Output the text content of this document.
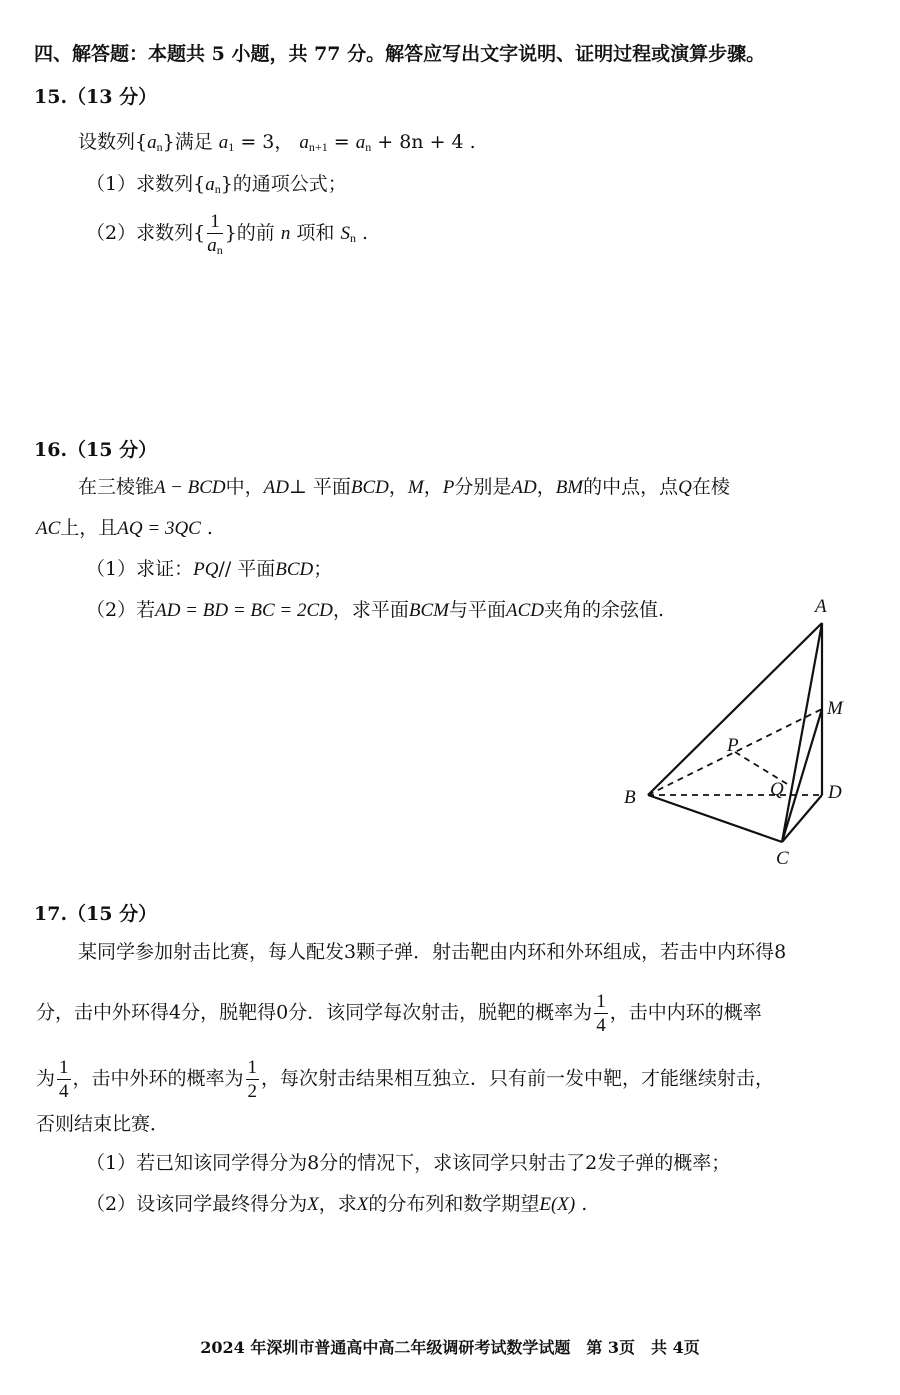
四、解答题：本题共 5 小题，共 77 分。解答应写出文字说明、证明过程或演算步骤。
15.（13 分）
设数列$\{a_n\}$满足 $a_1 = 3$， $a_{n+1} = a_n + 8n + 4$ .
（1）求数列$\{a_n\}$的通项公式；
（2）求数列{ $\frac{1}{a_n}$ }的前 n 项和 $S_n$ .
16.（15 分）
在三棱锥A − BCD中，AD⊥ 平面BCD，M，P分别是AD，BM的中点，点Q在棱
AC上，且AQ = 3QC .
（1）求证：PQ// 平面BCD；
（2）若AD = BD = BC = 2CD，求平面BCM与平面ACD夹角的余弦值.	A
B
C
D
M
P
Q
17.（15 分）
某同学参加射击比赛，每人配发3颗子弹．射击靶由内环和外环组成，若击中内环得8
分，击中外环得4分，脱靶得0分．该同学每次射击，脱靶的概率为 $\frac{1}{4}$ ，击中内环的概率
为 $\frac{1}{4}$ ，击中外环的概率为 $\frac{1}{2}$ ，每次射击结果相互独立．只有前一发中靶，才能继续射击，
否则结束比赛．
（1）若已知该同学得分为8分的情况下，求该同学只射击了2发子弹的概率；
（2）设该同学最终得分为X，求X的分布列和数学期望E(X) .
2024 年深圳市普通高中高二年级调研考试数学试题　第 3页　共 4页
